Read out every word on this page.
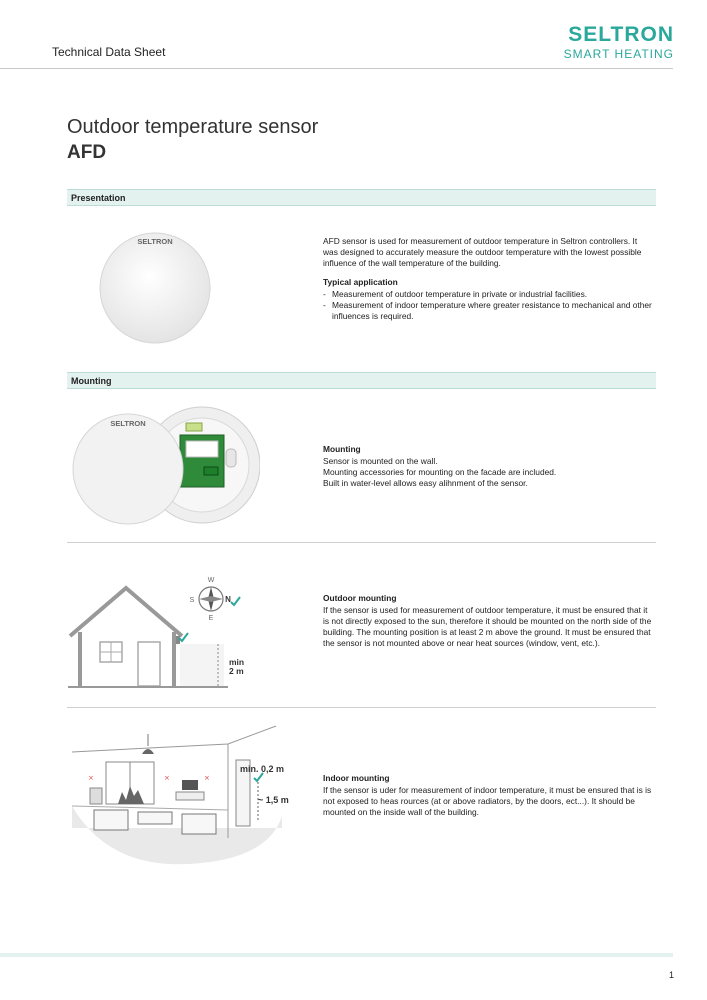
Technical Data Sheet
SELTRON
SMART HEATING
Outdoor temperature sensor
AFD
Presentation
SELTRON	AFD sensor is used for measurement of outdoor temperature in Seltron controllers. It was designed to accurately measure the outdoor temperature with the lowest possible influence of the wall temperature of the building.

Typical application
- Measurement of outdoor temperature in private or industrial facilities.
- Measurement of indoor temperature where greater resistance to mechanical and other influences is required.
Mounting
SELTRON
Mounting

Sensor is mounted on the wall.

Mounting accessories for mounting on the facade are included.

Built in water-level allows easy alihnment of the sensor.

W
S	N
E
min
2 m
Outdoor mounting

If the sensor is used for measurement of outdoor temperature, it must be ensured that it is not directly exposed to the sun, therefore it should be mounted on the north side of the building. The mounting position is at least 2 m above the ground. It must be ensured that the sensor is not mounted above or near heat sources (window, vent, etc.).

×	×	×
min. 0,2 m
~ 1,5 m
Indoor mounting

If the sensor is uder for measurement of indoor temperature, it must be ensured that is is not exposed to heas rources (at or above radiators, by the doors, ect...). It should be mounted on the inside wall of the building.

1
